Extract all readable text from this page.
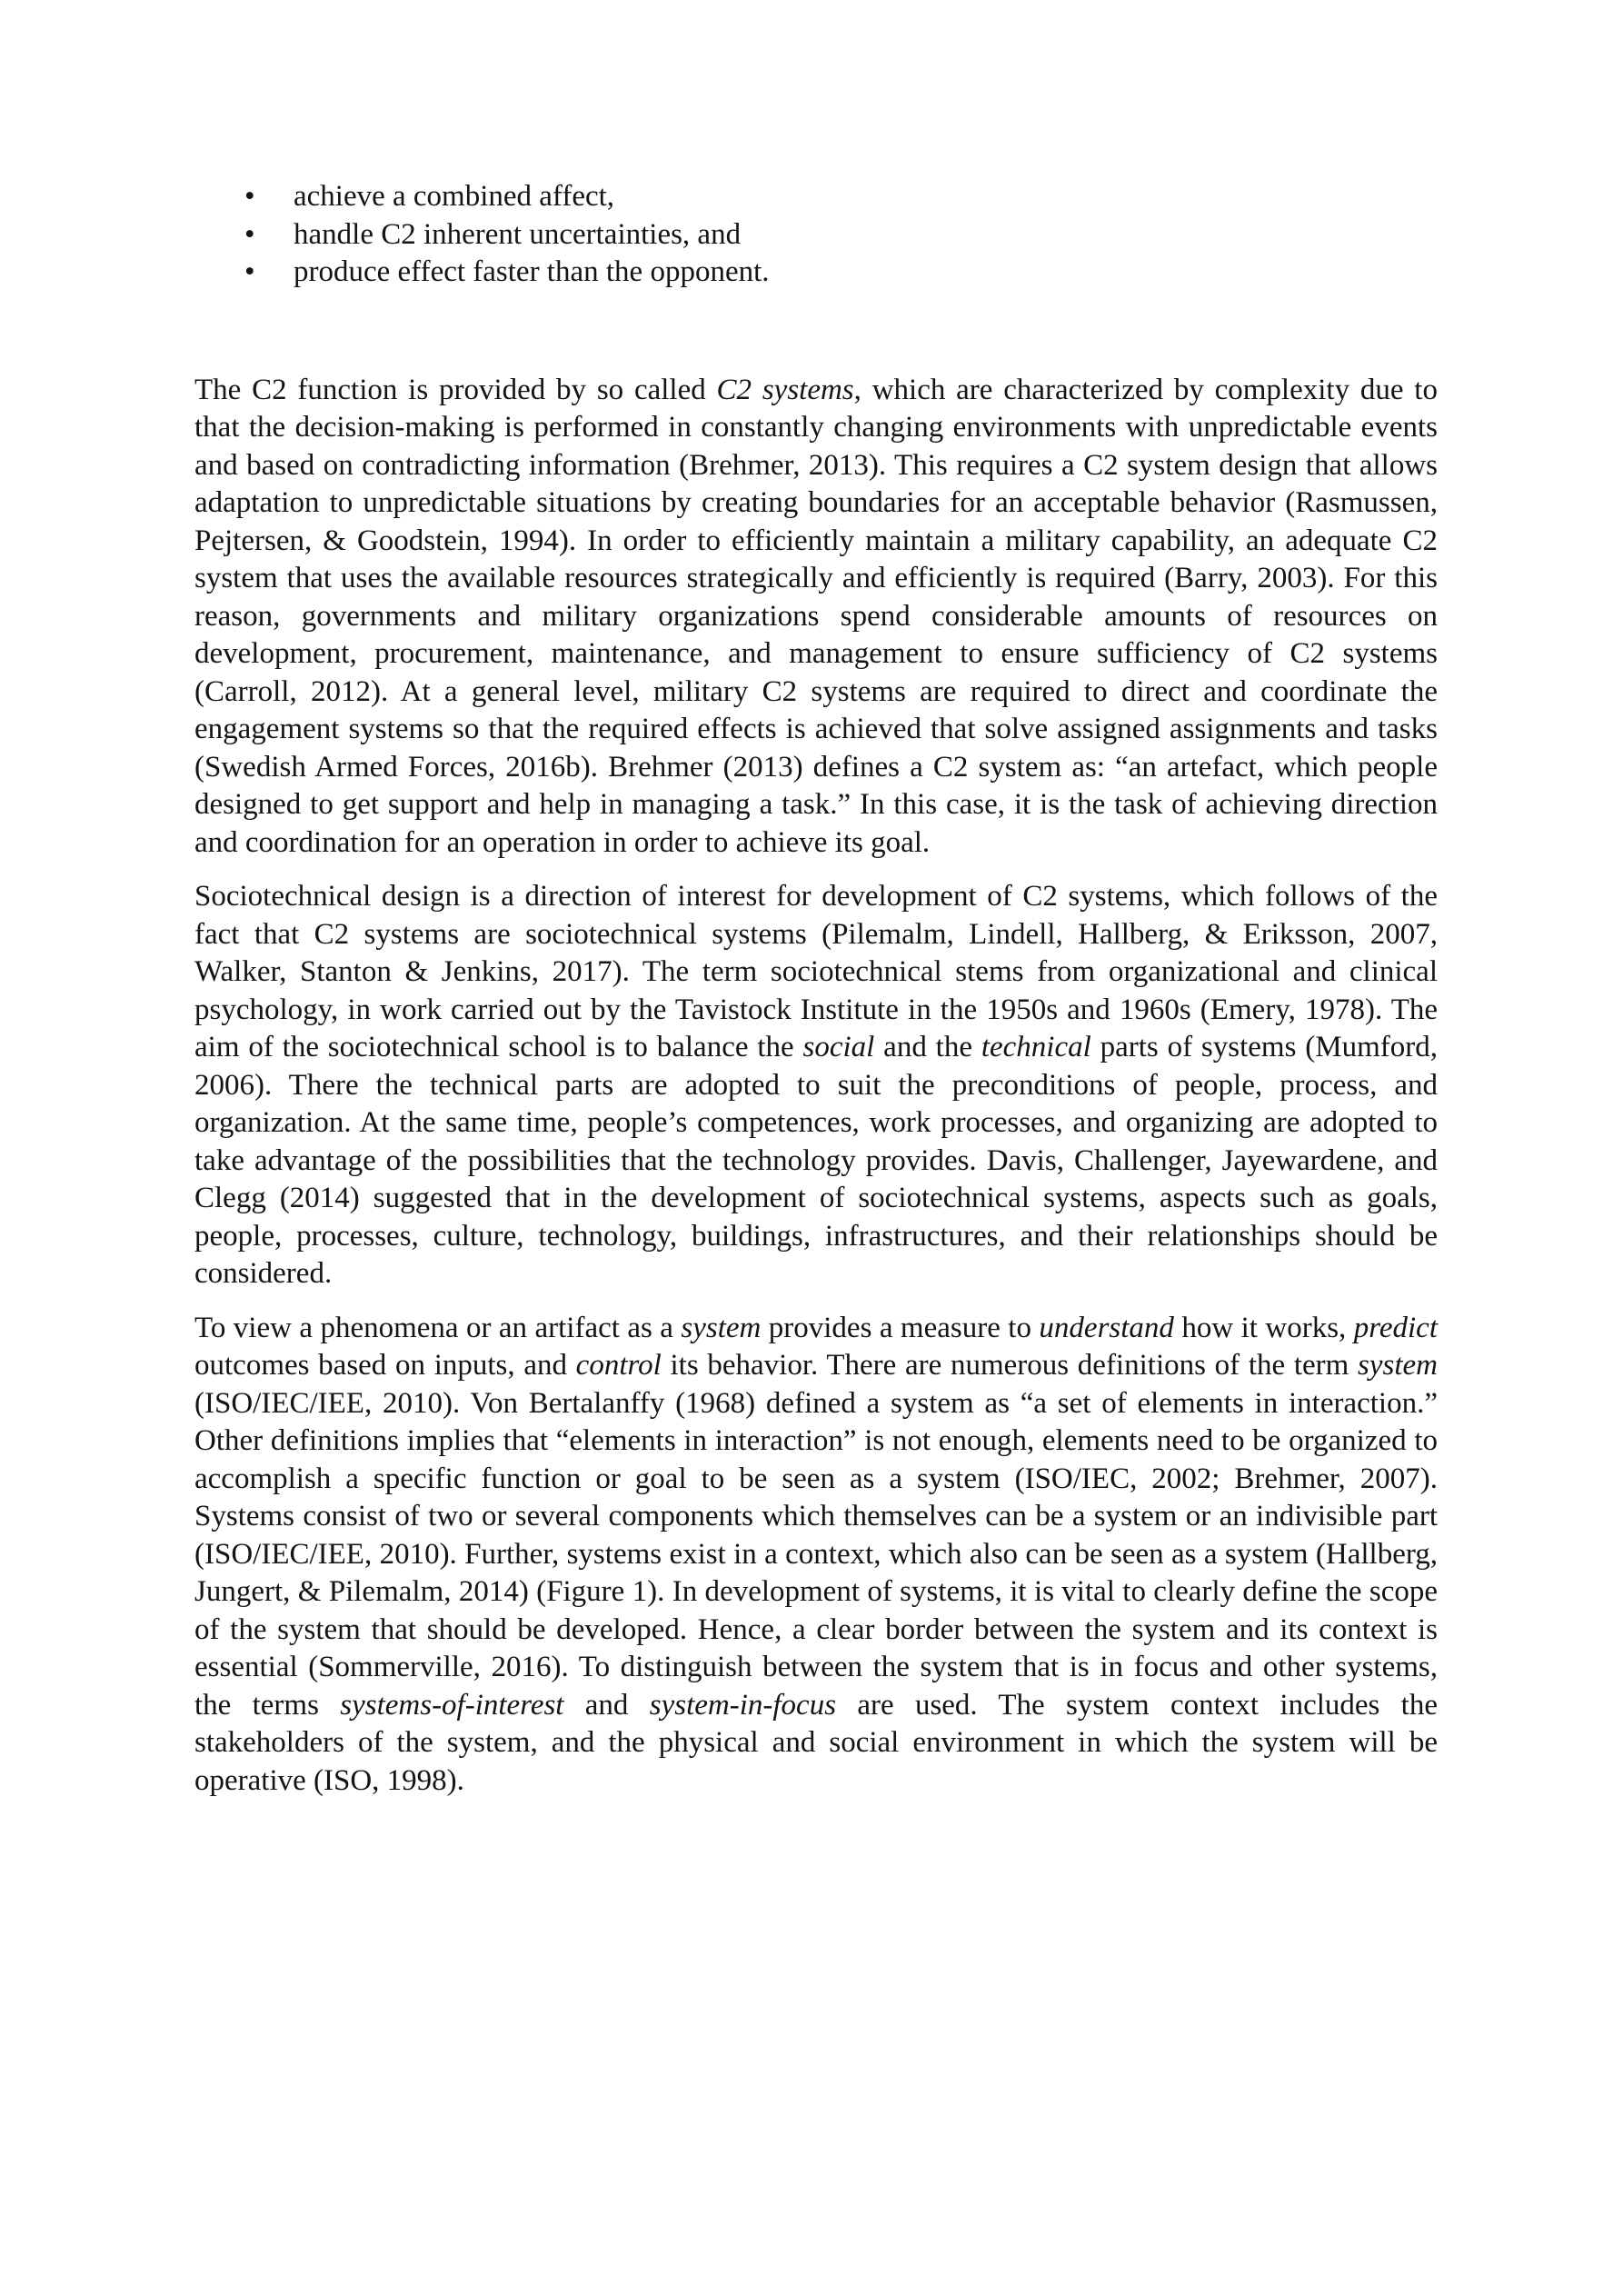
• achieve a combined affect,
• handle C2 inherent uncertainties, and
• produce effect faster than the opponent.

The C2 function is provided by so called C2 systems, which are characterized by complexity due to that the decision-making is performed in constantly changing environments with unpredictable events and based on contradicting information (Brehmer, 2013). This requires a C2 system design that allows adaptation to unpredictable situations by creating boundaries for an acceptable behavior (Rasmussen, Pejtersen, & Goodstein, 1994). In order to efficiently maintain a military capability, an adequate C2 system that uses the available resources strategically and efficiently is required (Barry, 2003). For this reason, governments and military organizations spend considerable amounts of resources on development, procurement, maintenance, and management to ensure sufficiency of C2 systems (Carroll, 2012). At a general level, military C2 systems are required to direct and coordinate the engagement systems so that the required effects is achieved that solve assigned assignments and tasks (Swedish Armed Forces, 2016b). Brehmer (2013) defines a C2 system as: “an artefact, which people designed to get support and help in managing a task.” In this case, it is the task of achieving direction and coordination for an operation in order to achieve its goal.

Sociotechnical design is a direction of interest for development of C2 systems, which follows of the fact that C2 systems are sociotechnical systems (Pilemalm, Lindell, Hallberg, & Eriksson, 2007, Walker, Stanton & Jenkins, 2017). The term sociotechnical stems from organizational and clinical psychology, in work carried out by the Tavistock Institute in the 1950s and 1960s (Emery, 1978). The aim of the sociotechnical school is to balance the social and the technical parts of systems (Mumford, 2006). There the technical parts are adopted to suit the preconditions of people, process, and organization. At the same time, people’s competences, work processes, and organizing are adopted to take advantage of the possibilities that the technology provides. Davis, Challenger, Jayewardene, and Clegg (2014) suggested that in the development of sociotechnical systems, aspects such as goals, people, processes, culture, technology, buildings, infrastructures, and their relationships should be considered.

To view a phenomena or an artifact as a system provides a measure to understand how it works, predict outcomes based on inputs, and control its behavior. There are numerous definitions of the term system (ISO/IEC/IEE, 2010). Von Bertalanffy (1968) defined a system as “a set of elements in interaction.” Other definitions implies that “elements in interaction” is not enough, elements need to be organized to accomplish a specific function or goal to be seen as a system (ISO/IEC, 2002; Brehmer, 2007). Systems consist of two or several components which themselves can be a system or an indivisible part (ISO/IEC/IEE, 2010). Further, systems exist in a context, which also can be seen as a system (Hallberg, Jungert, & Pilemalm, 2014) (Figure 1). In development of systems, it is vital to clearly define the scope of the system that should be developed. Hence, a clear border between the system and its context is essential (Sommerville, 2016). To distinguish between the system that is in focus and other systems, the terms systems-of-interest and system-in-focus are used. The system context includes the stakeholders of the system, and the physical and social environment in which the system will be operative (ISO, 1998).
